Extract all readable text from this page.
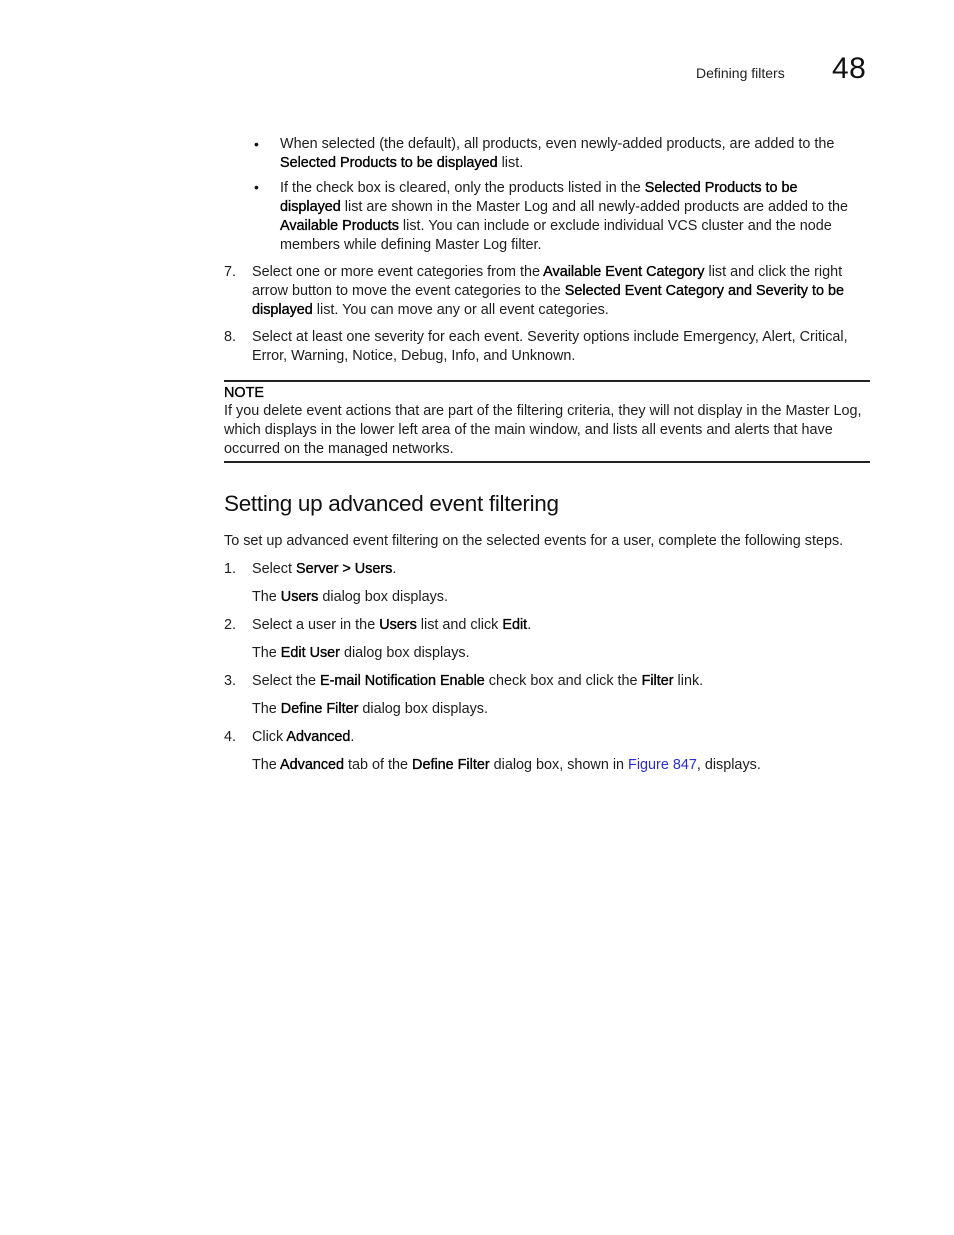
Defining filters 48
• When selected (the default), all products, even newly-added products, are added to the
Selected Products to be displayed list.
• If the check box is cleared, only the products listed in the Selected Products to be
displayed list are shown in the Master Log and all newly-added products are added to the
Available Products list. You can include or exclude individual VCS cluster and the node
members while defining Master Log filter.
7. Select one or more event categories from the Available Event Category list and click the right
arrow button to move the event categories to the Selected Event Category and Severity to be
displayed list. You can move any or all event categories.
8. Select at least one severity for each event. Severity options include Emergency, Alert, Critical,
Error, Warning, Notice, Debug, Info, and Unknown.
NOTE
If you delete event actions that are part of the filtering criteria, they will not display in the Master Log,
which displays in the lower left area of the main window, and lists all events and alerts that have
occurred on the managed networks.
Setting up advanced event filtering
To set up advanced event filtering on the selected events for a user, complete the following steps.
1. Select Server > Users.
The Users dialog box displays.
2. Select a user in the Users list and click Edit.
The Edit User dialog box displays.
3. Select the E-mail Notification Enable check box and click the Filter link.
The Define Filter dialog box displays.
4. Click Advanced.
The Advanced tab of the Define Filter dialog box, shown in Figure 847, displays.
